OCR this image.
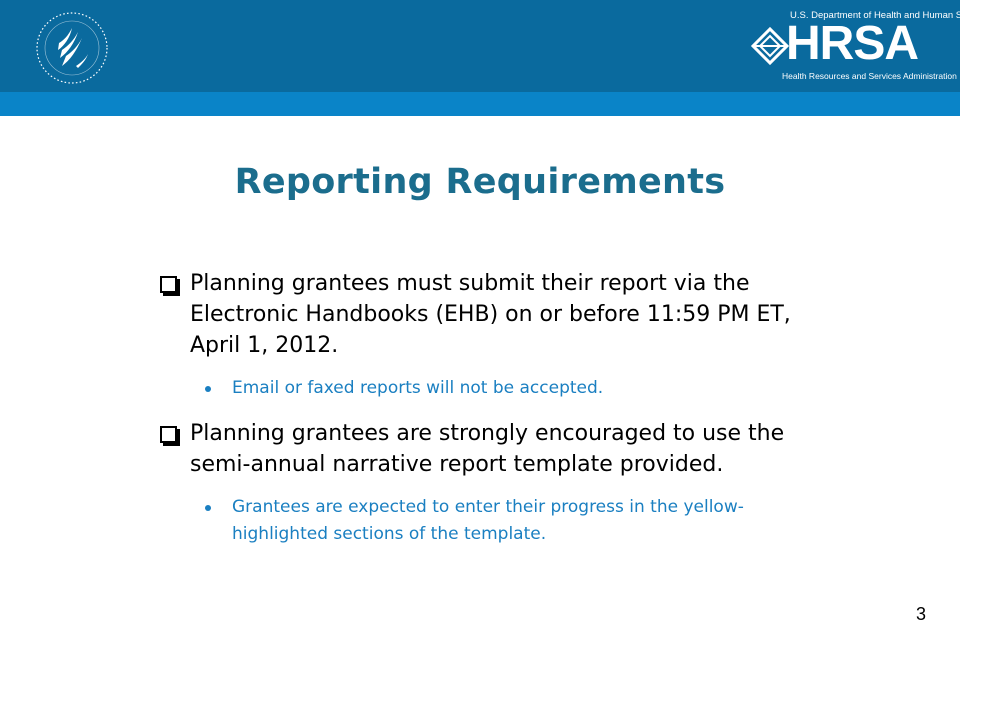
U.S. Department of Health and Human Services
HRSA
Health Resources and Services Administration
Reporting Requirements
Planning grantees must submit their report via the Electronic Handbooks (EHB) on or before 11:59 PM ET, April 1, 2012.
Email or faxed reports will not be accepted.
Planning grantees are strongly encouraged to use the semi-annual narrative report template provided.
Grantees are expected to enter their progress in the yellow-highlighted sections of the template.
3
